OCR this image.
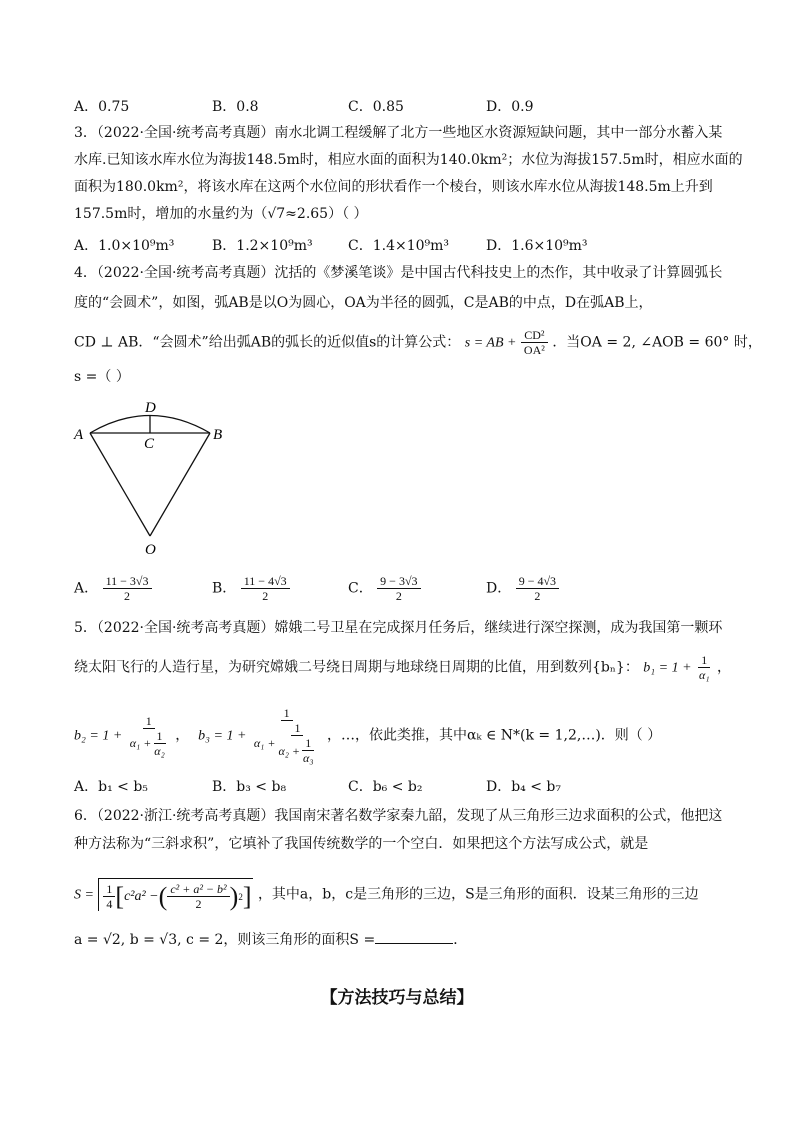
A．0.75	B．0.8	C．0.85	D．0.9
3．（2022·全国·统考高考真题）南水北调工程缓解了北方一些地区水资源短缺问题，其中一部分水蓄入某
水库.已知该水库水位为海拔148.5m时，相应水面的面积为140.0km²；水位为海拔157.5m时，相应水面的
面积为180.0km²，将该水库在这两个水位间的形状看作一个棱台，则该水库水位从海拔148.5m上升到
157.5m时，增加的水量约为（√7≈2.65）（ ）
A．1.0×10⁹m³	B．1.2×10⁹m³	C．1.4×10⁹m³	D．1.6×10⁹m³
4．（2022·全国·统考高考真题）沈括的《梦溪笔谈》是中国古代科技史上的杰作，其中收录了计算圆弧长
度的“会圆术”，如图，弧AB是以O为圆心，OA为半径的圆弧，C是AB的中点，D在弧AB上，
CD ⊥ AB．“会圆术”给出弧AB的弧长的近似值s的计算公式： s = AB + $\frac{\text{CD²}}{\text{OA²}}$ ．当OA = 2, ∠AOB = 60° 时，
s =（ ）
A	B
D
C
O
A． $\frac{11 - 3√3}{2}$	B． $\frac{11 - 4√3}{2}$	C． $\frac{9 - 3√3}{2}$	D． $\frac{9 - 4√3}{2}$
5．（2022·全国·统考高考真题）嫦娥二号卫星在完成探月任务后，继续进行深空探测，成为我国第一颗环
绕太阳飞行的人造行星，为研究嫦娥二号绕日周期与地球绕日周期的比值，用到数列{bₙ}： $b_1 = 1 + \frac{1}{\text{α₁}}$ ，
$b_2 = 1 + \frac{1}{\alpha_1 + \frac{1}{\text{α₂}}}$ ，  $b_3 = 1 + \frac{1}{\alpha_1 + \frac{1}{\alpha_2 + \frac{1}{\text{α₃}}}}$ ，…，依此类推，其中αₖ ∈ N*(k = 1,2,…)．则（ ）
A．b₁ < b₅	B．b₃ < b₈	C．b₆ < b₂	D．b₄ < b₇
6．（2022·浙江·统考高考真题）我国南宋著名数学家秦九韶，发现了从三角形三边求面积的公式，他把这
种方法称为“三斜求积”，它填补了我国传统数学的一个空白．如果把这个方法写成公式，就是
$S = \frac{1}{4}$ [ c²a² − ( $\frac{\text{c² + a² − b²}}{2}$ ) 2 ] ，其中a，b，c是三角形的三边，S是三角形的面积．设某三角形的三边
a = √2, b = √3, c = 2，则该三角形的面积S =	．
【方法技巧与总结】
